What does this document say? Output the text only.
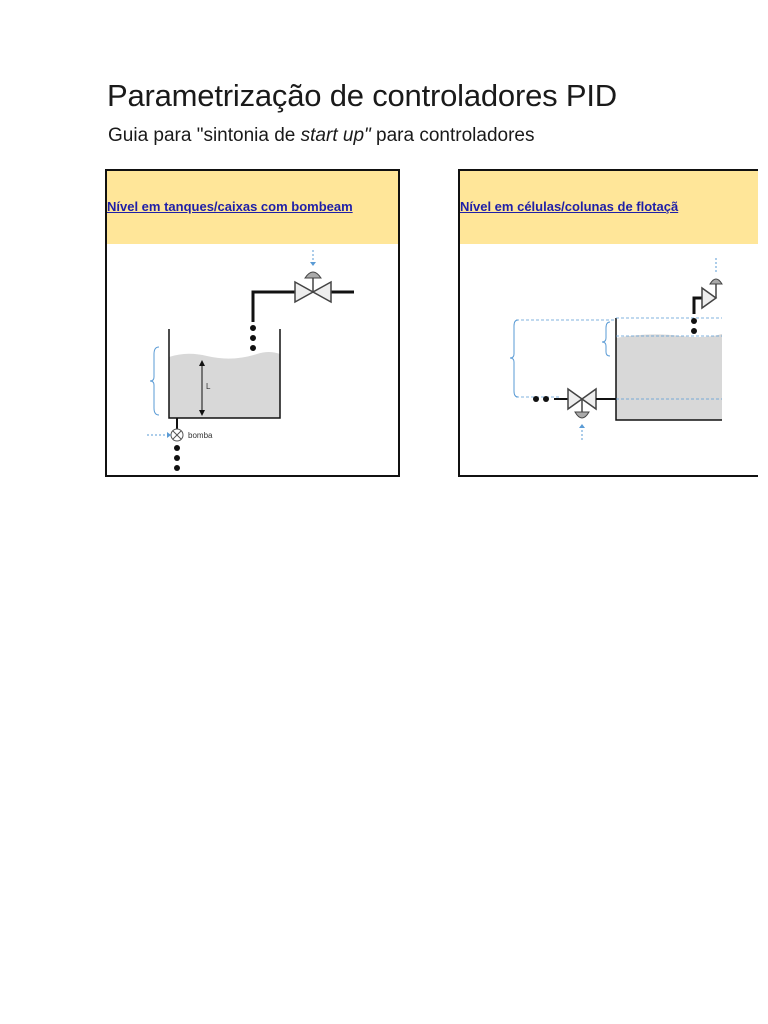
Parametrização de controladores PID

Guia para "sintonia de start up" para controladores

Nível em tanques/caixas com bombeam
L
bomba
Nível em células/colunas de flotaçã
